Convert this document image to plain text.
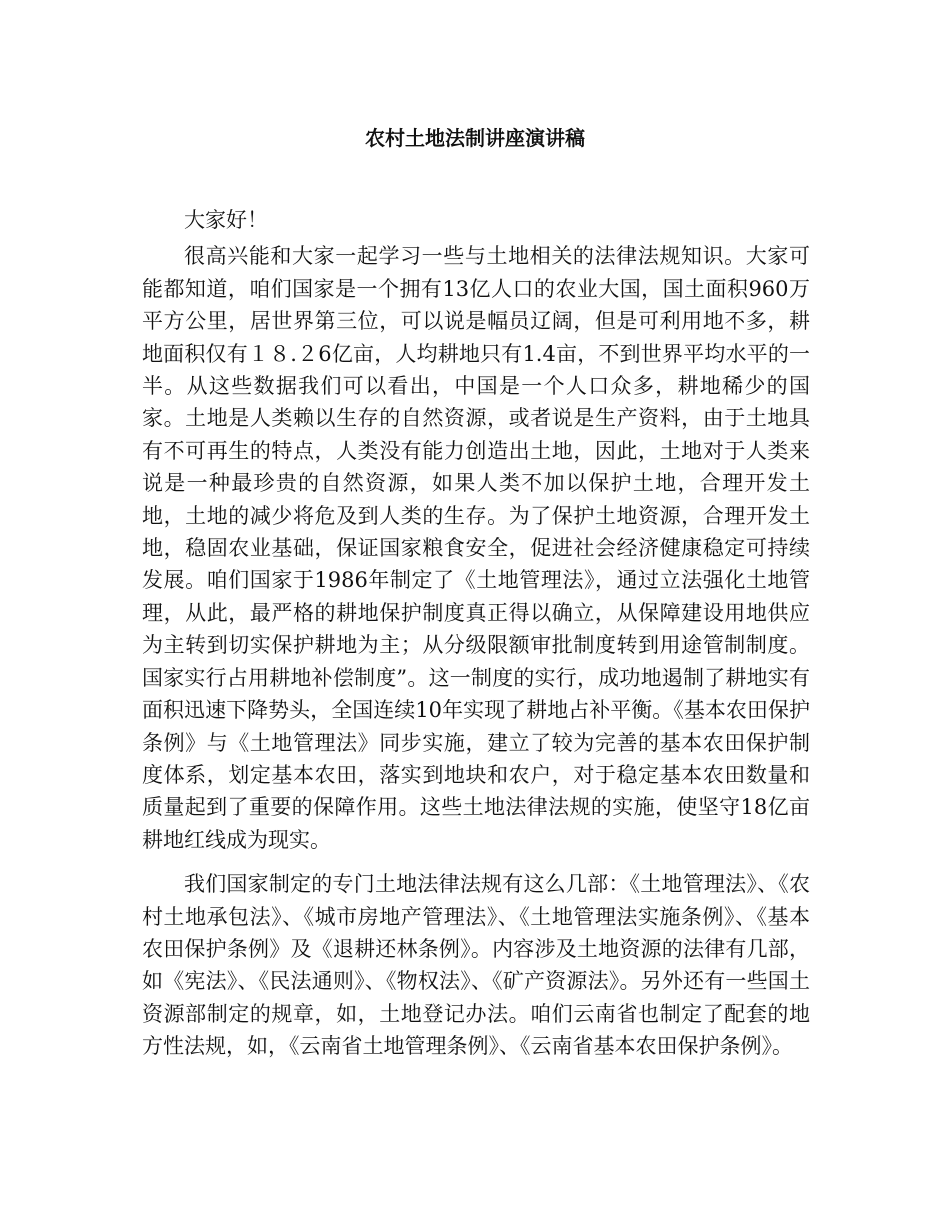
农村土地法制讲座演讲稿

大家好！

很高兴能和大家一起学习一些与土地相关的法律法规知识。大家可能都知道，咱们国家是一个拥有13亿人口的农业大国，国土面积960万平方公里，居世界第三位，可以说是幅员辽阔，但是可利用地不多，耕地面积仅有１８.２6亿亩，人均耕地只有1.4亩，不到世界平均水平的一半。从这些数据我们可以看出，中国是一个人口众多，耕地稀少的国家。土地是人类赖以生存的自然资源，或者说是生产资料，由于土地具有不可再生的特点，人类没有能力创造出土地，因此，土地对于人类来说是一种最珍贵的自然资源，如果人类不加以保护土地，合理开发土地，土地的减少将危及到人类的生存。为了保护土地资源，合理开发土地，稳固农业基础，保证国家粮食安全，促进社会经济健康稳定可持续发展。咱们国家于1986年制定了《土地管理法》，通过立法强化土地管理，从此，最严格的耕地保护制度真正得以确立，从保障建设用地供应为主转到切实保护耕地为主；从分级限额审批制度转到用途管制制度。国家实行占用耕地补偿制度”。这一制度的实行，成功地遏制了耕地实有面积迅速下降势头，全国连续10年实现了耕地占补平衡。《基本农田保护条例》与《土地管理法》同步实施，建立了较为完善的基本农田保护制度体系，划定基本农田，落实到地块和农户，对于稳定基本农田数量和质量起到了重要的保障作用。这些土地法律法规的实施，使坚守18亿亩耕地红线成为现实。

我们国家制定的专门土地法律法规有这么几部：《土地管理法》、《农村土地承包法》、《城市房地产管理法》、《土地管理法实施条例》、《基本农田保护条例》及《退耕还林条例》。内容涉及土地资源的法律有几部，如《宪法》、《民法通则》、《物权法》、《矿产资源法》。另外还有一些国土资源部制定的规章，如，土地登记办法。咱们云南省也制定了配套的地方性法规，如，《云南省土地管理条例》、《云南省基本农田保护条例》。
